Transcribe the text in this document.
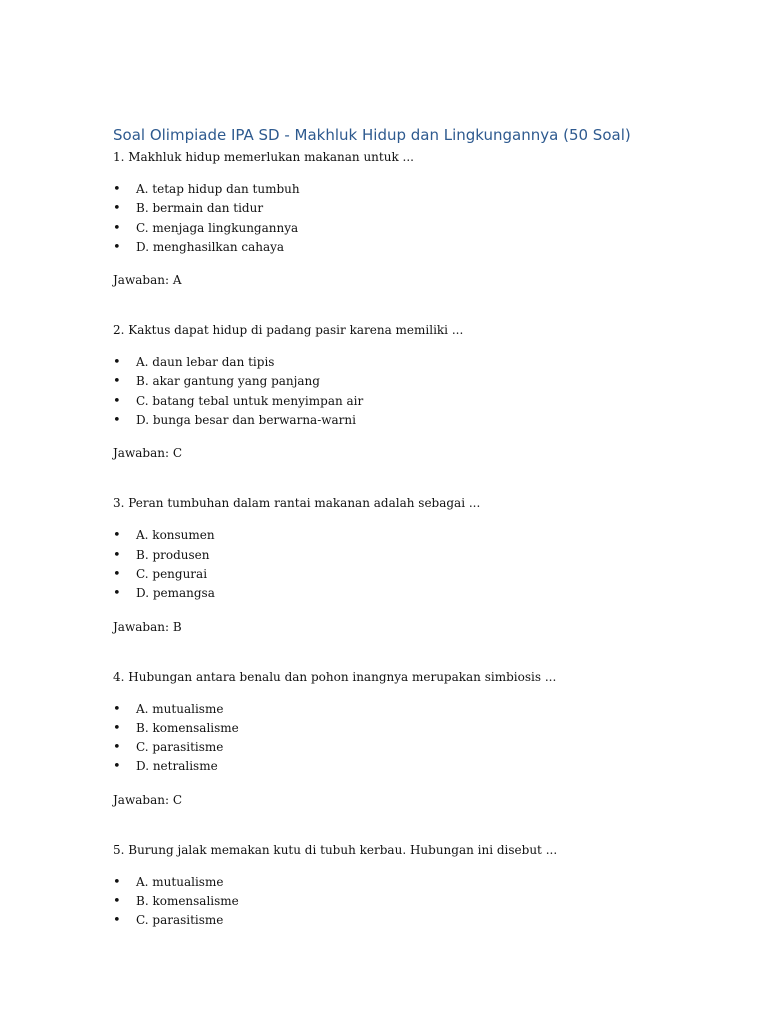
Soal Olimpiade IPA SD - Makhluk Hidup dan Lingkungannya (50 Soal)

1. Makhluk hidup memerlukan makanan untuk ...

• A. tetap hidup dan tumbuh
• B. bermain dan tidur
• C. menjaga lingkungannya
• D. menghasilkan cahaya

Jawaban: A

2. Kaktus dapat hidup di padang pasir karena memiliki ...

• A. daun lebar dan tipis
• B. akar gantung yang panjang
• C. batang tebal untuk menyimpan air
• D. bunga besar dan berwarna-warni

Jawaban: C

3. Peran tumbuhan dalam rantai makanan adalah sebagai ...

• A. konsumen
• B. produsen
• C. pengurai
• D. pemangsa

Jawaban: B

4. Hubungan antara benalu dan pohon inangnya merupakan simbiosis ...

• A. mutualisme
• B. komensalisme
• C. parasitisme
• D. netralisme

Jawaban: C

5. Burung jalak memakan kutu di tubuh kerbau. Hubungan ini disebut ...

• A. mutualisme
• B. komensalisme
• C. parasitisme
